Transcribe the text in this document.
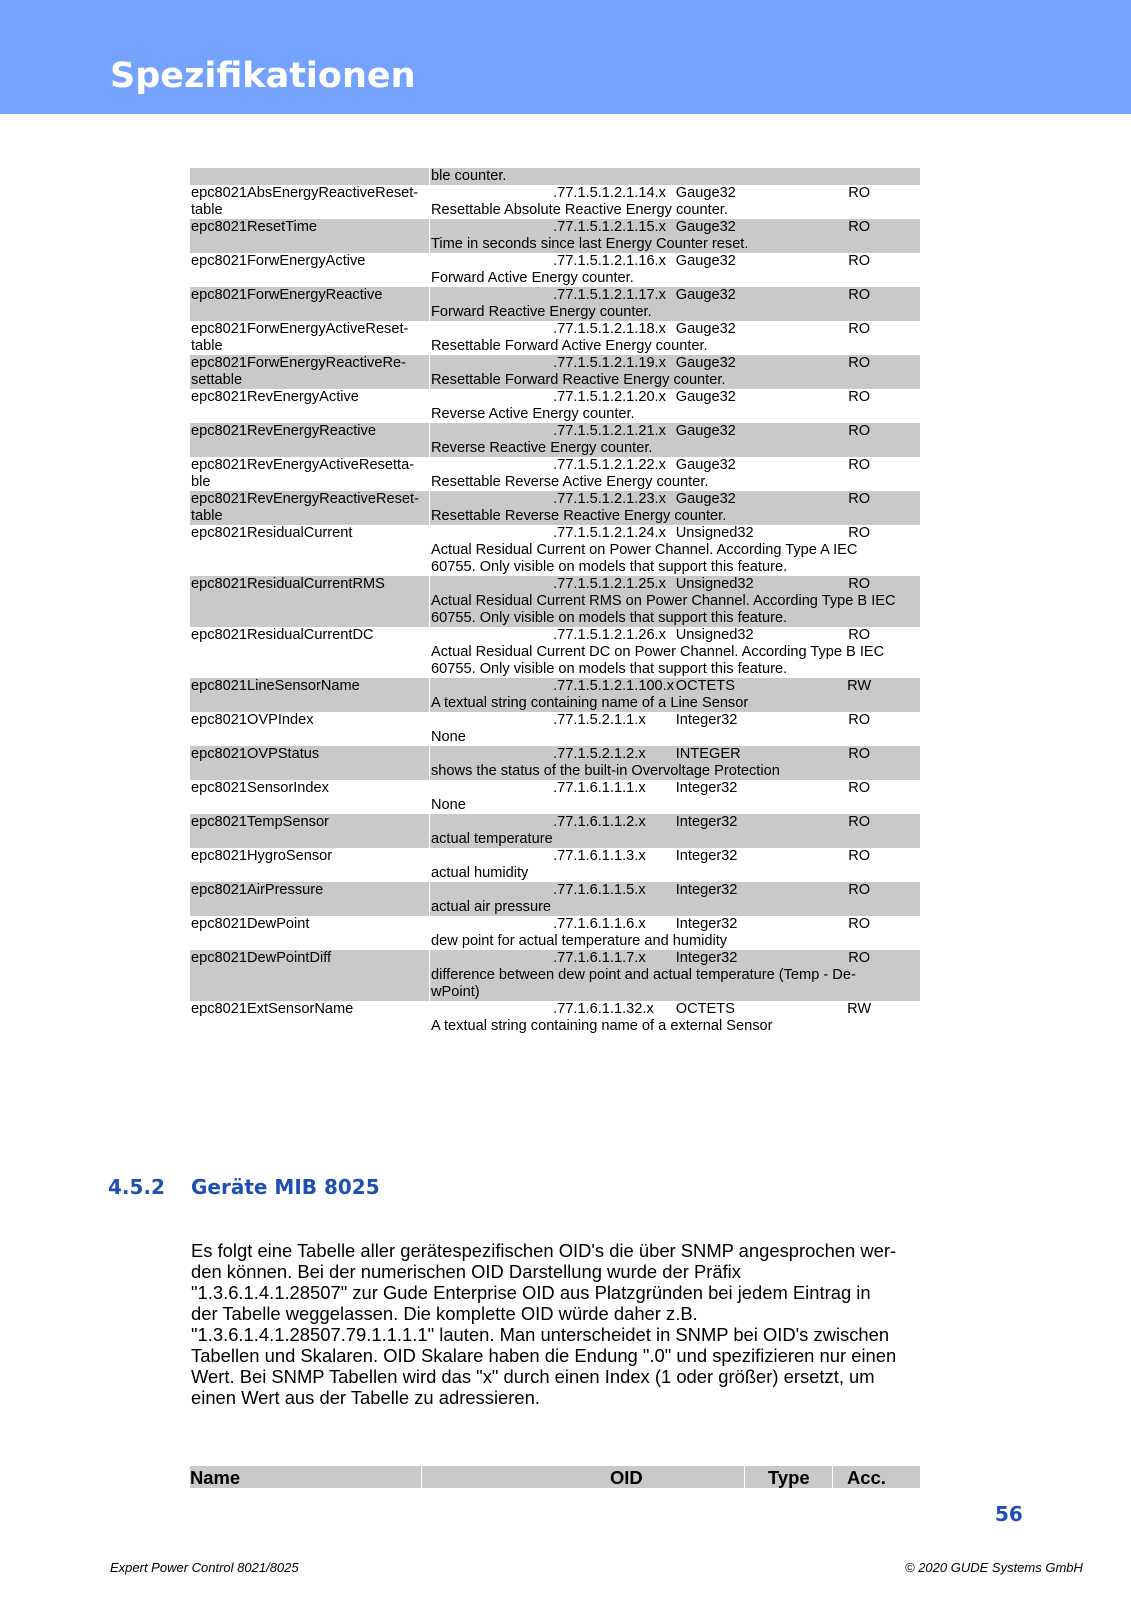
Spezifikationen
	ble counter.			
epc8021AbsEnergyReactiveReset-
table		.77.1.5.1.2.1.14.x	Gauge32	RO
	Resettable Absolute Reactive Energy counter.			
epc8021ResetTime		.77.1.5.1.2.1.15.x	Gauge32	RO
	Time in seconds since last Energy Counter reset.			
epc8021ForwEnergyActive		.77.1.5.1.2.1.16.x	Gauge32	RO
	Forward Active Energy counter.			
epc8021ForwEnergyReactive		.77.1.5.1.2.1.17.x	Gauge32	RO
	Forward Reactive Energy counter.			
epc8021ForwEnergyActiveReset-
table		.77.1.5.1.2.1.18.x	Gauge32	RO
	Resettable Forward Active Energy counter.			
epc8021ForwEnergyReactiveRe-
settable		.77.1.5.1.2.1.19.x	Gauge32	RO
	Resettable Forward Reactive Energy counter.			
epc8021RevEnergyActive		.77.1.5.1.2.1.20.x	Gauge32	RO
	Reverse Active Energy counter.			
epc8021RevEnergyReactive		.77.1.5.1.2.1.21.x	Gauge32	RO
	Reverse Reactive Energy counter.			
epc8021RevEnergyActiveResetta-
ble		.77.1.5.1.2.1.22.x	Gauge32	RO
	Resettable Reverse Active Energy counter.			
epc8021RevEnergyReactiveReset-
table		.77.1.5.1.2.1.23.x	Gauge32	RO
	Resettable Reverse Reactive Energy counter.			
epc8021ResidualCurrent		.77.1.5.1.2.1.24.x	Unsigned32	RO
	Actual Residual Current on Power Channel. According Type A IEC
60755. Only visible on models that support this feature.			
epc8021ResidualCurrentRMS		.77.1.5.1.2.1.25.x	Unsigned32	RO
	Actual Residual Current RMS on Power Channel. According Type B IEC
60755. Only visible on models that support this feature.			
epc8021ResidualCurrentDC		.77.1.5.1.2.1.26.x	Unsigned32	RO
	Actual Residual Current DC on Power Channel. According Type B IEC
60755. Only visible on models that support this feature.			
epc8021LineSensorName		.77.1.5.1.2.1.100.x	OCTETS	RW
	A textual string containing name of a Line Sensor			
epc8021OVPIndex		.77.1.5.2.1.1.x	Integer32	RO
	None			
epc8021OVPStatus		.77.1.5.2.1.2.x	INTEGER	RO
	shows the status of the built-in Overvoltage Protection			
epc8021SensorIndex		.77.1.6.1.1.1.x	Integer32	RO
	None			
epc8021TempSensor		.77.1.6.1.1.2.x	Integer32	RO
	actual temperature			
epc8021HygroSensor		.77.1.6.1.1.3.x	Integer32	RO
	actual humidity			
epc8021AirPressure		.77.1.6.1.1.5.x	Integer32	RO
	actual air pressure			
epc8021DewPoint		.77.1.6.1.1.6.x	Integer32	RO
	dew point for actual temperature and humidity			
epc8021DewPointDiff		.77.1.6.1.1.7.x	Integer32	RO
	difference between dew point and actual temperature (Temp - De-
wPoint)			
epc8021ExtSensorName		.77.1.6.1.1.32.x	OCTETS	RW
	A textual string containing name of a external Sensor			
4.5.2 Geräte MIB 8025

Es folgt eine Tabelle aller gerätespezifischen OID's die über SNMP angesprochen wer-
den können. Bei der numerischen OID Darstellung wurde der Präfix
"1.3.6.1.4.1.28507" zur Gude Enterprise OID aus Platzgründen bei jedem Eintrag in
der Tabelle weggelassen. Die komplette OID würde daher z.B.
"1.3.6.1.4.1.28507.79.1.1.1.1" lauten. Man unterscheidet in SNMP bei OID's zwischen
Tabellen und Skalaren. OID Skalare haben die Endung ".0" und spezifizieren nur einen
Wert. Bei SNMP Tabellen wird das "x" durch einen Index (1 oder größer) ersetzt, um
einen Wert aus der Tabelle zu adressieren.

Name	OID	Type Acc.
56
Expert Power Control 8021/8025	© 2020 GUDE Systems GmbH
